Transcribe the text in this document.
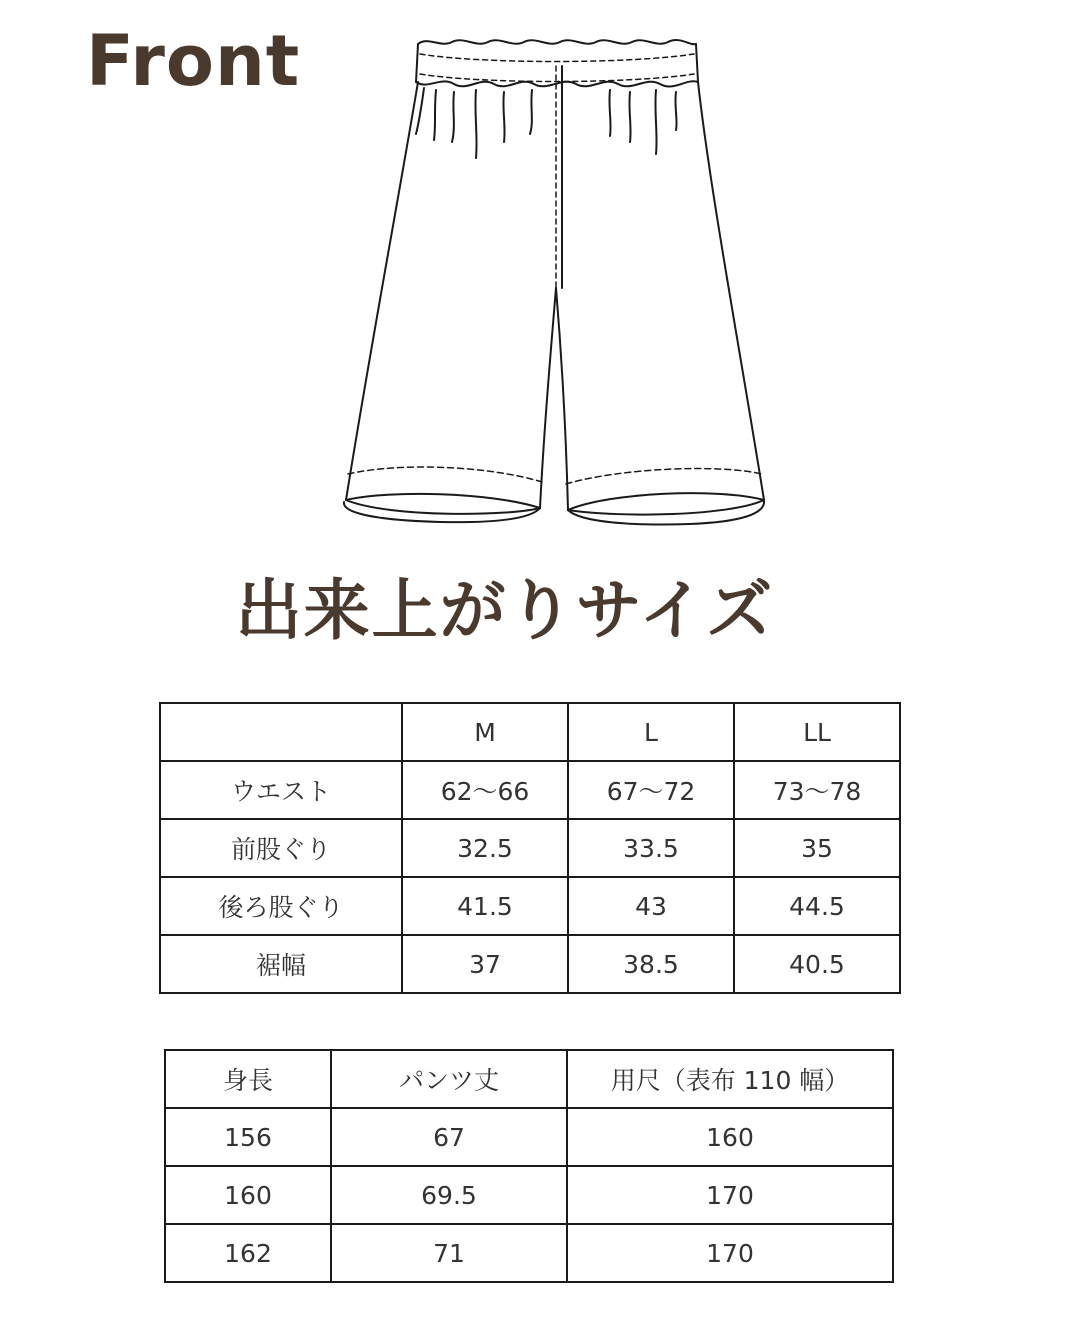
Front
出来上がりサイズ
	M	L	LL
ウエスト	62〜66	67〜72	73〜78
前股ぐり	32.5	33.5	35
後ろ股ぐり	41.5	43	44.5
裾幅	37	38.5	40.5
身長	パンツ丈	用尺（表布 110 幅）
156	67	160
160	69.5	170
162	71	170
